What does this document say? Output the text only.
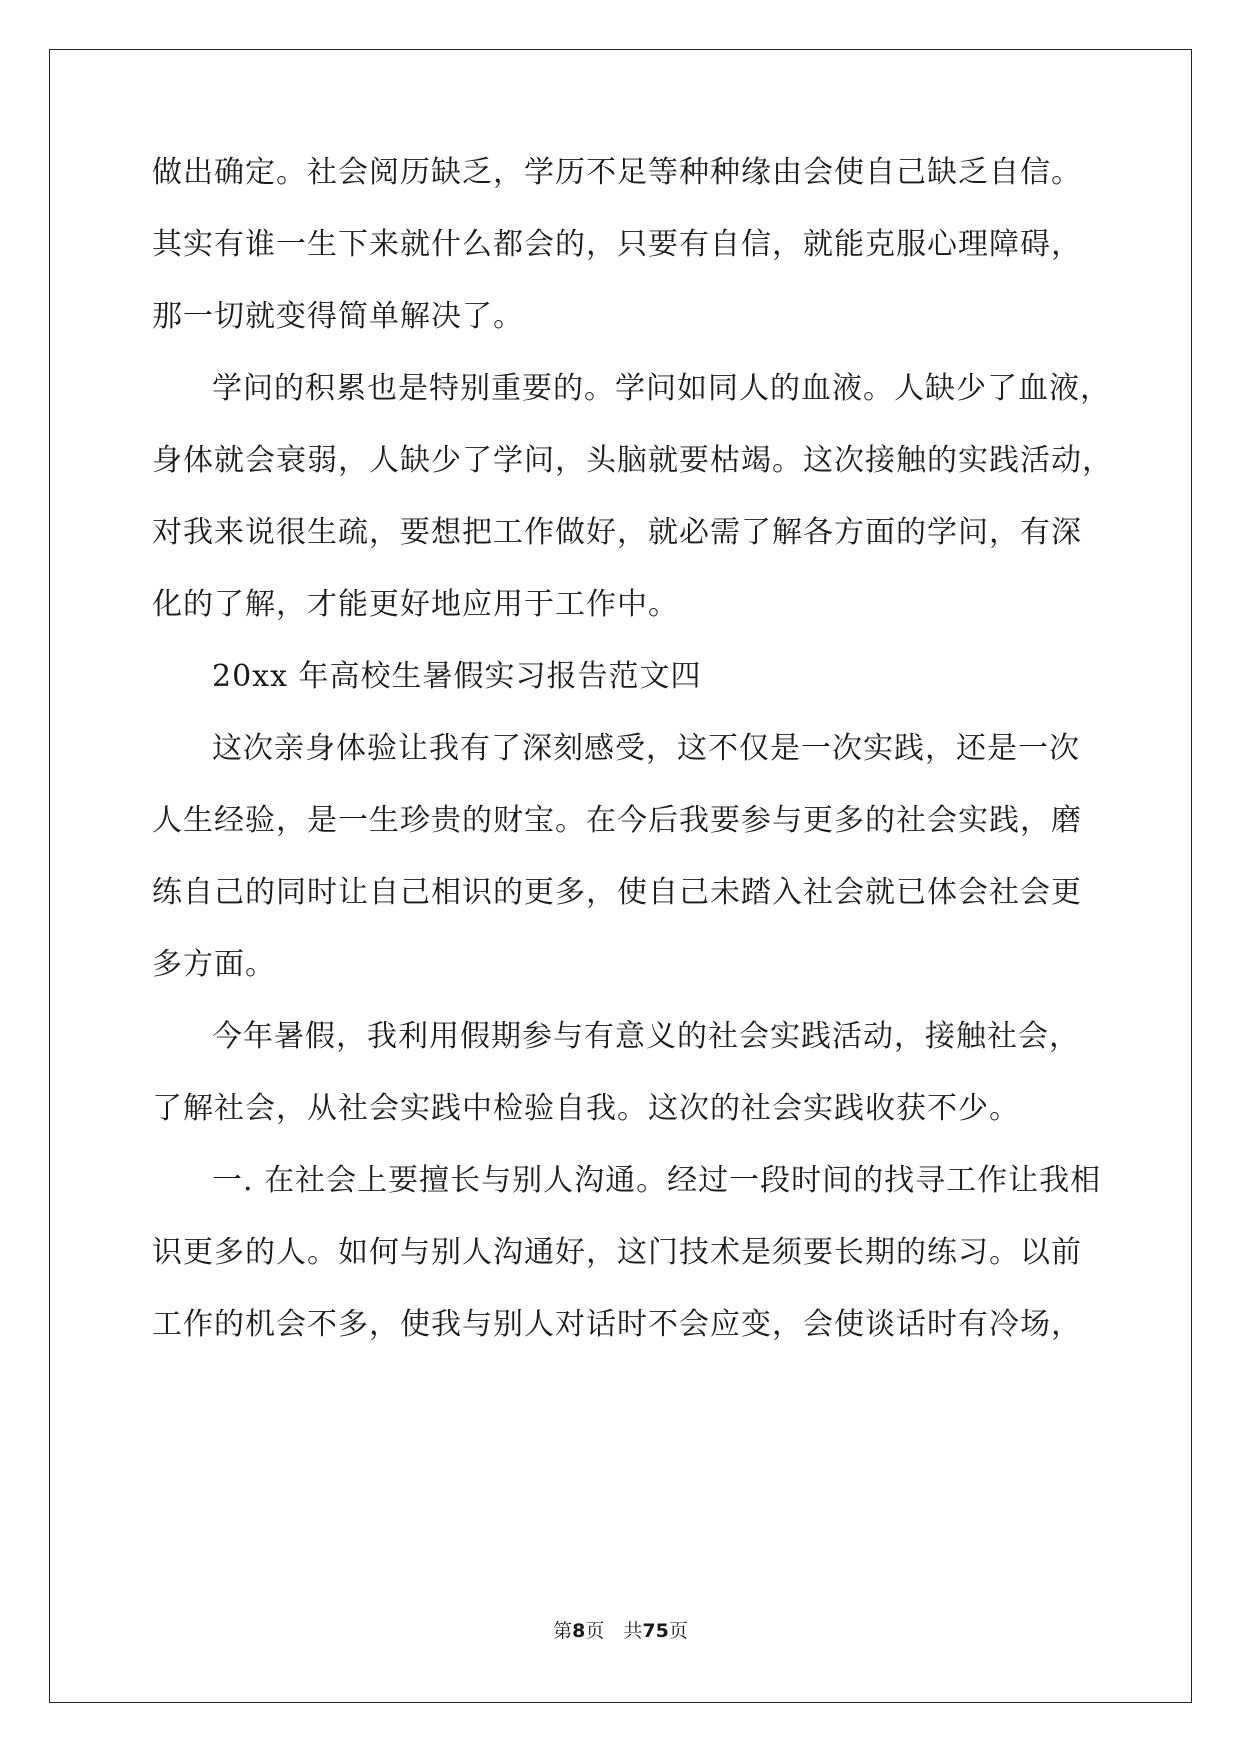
做出确定。社会阅历缺乏，学历不足等种种缘由会使自己缺乏自信。
其实有谁一生下来就什么都会的，只要有自信，就能克服心理障碍，
那一切就变得简单解决了。
学问的积累也是特别重要的。学问如同人的血液。人缺少了血液，
身体就会衰弱，人缺少了学问，头脑就要枯竭。这次接触的实践活动，
对我来说很生疏，要想把工作做好，就必需了解各方面的学问，有深
化的了解，才能更好地应用于工作中。
20xx 年高校生暑假实习报告范文四
这次亲身体验让我有了深刻感受，这不仅是一次实践，还是一次
人生经验，是一生珍贵的财宝。在今后我要参与更多的社会实践，磨
练自己的同时让自己相识的更多，使自己未踏入社会就已体会社会更
多方面。
今年暑假，我利用假期参与有意义的社会实践活动，接触社会，
了解社会，从社会实践中检验自我。这次的社会实践收获不少。
一. 在社会上要擅长与别人沟通。经过一段时间的找寻工作让我相
识更多的人。如何与别人沟通好，这门技术是须要长期的练习。以前
工作的机会不多，使我与别人对话时不会应变，会使谈话时有冷场，
第8页　共75页
